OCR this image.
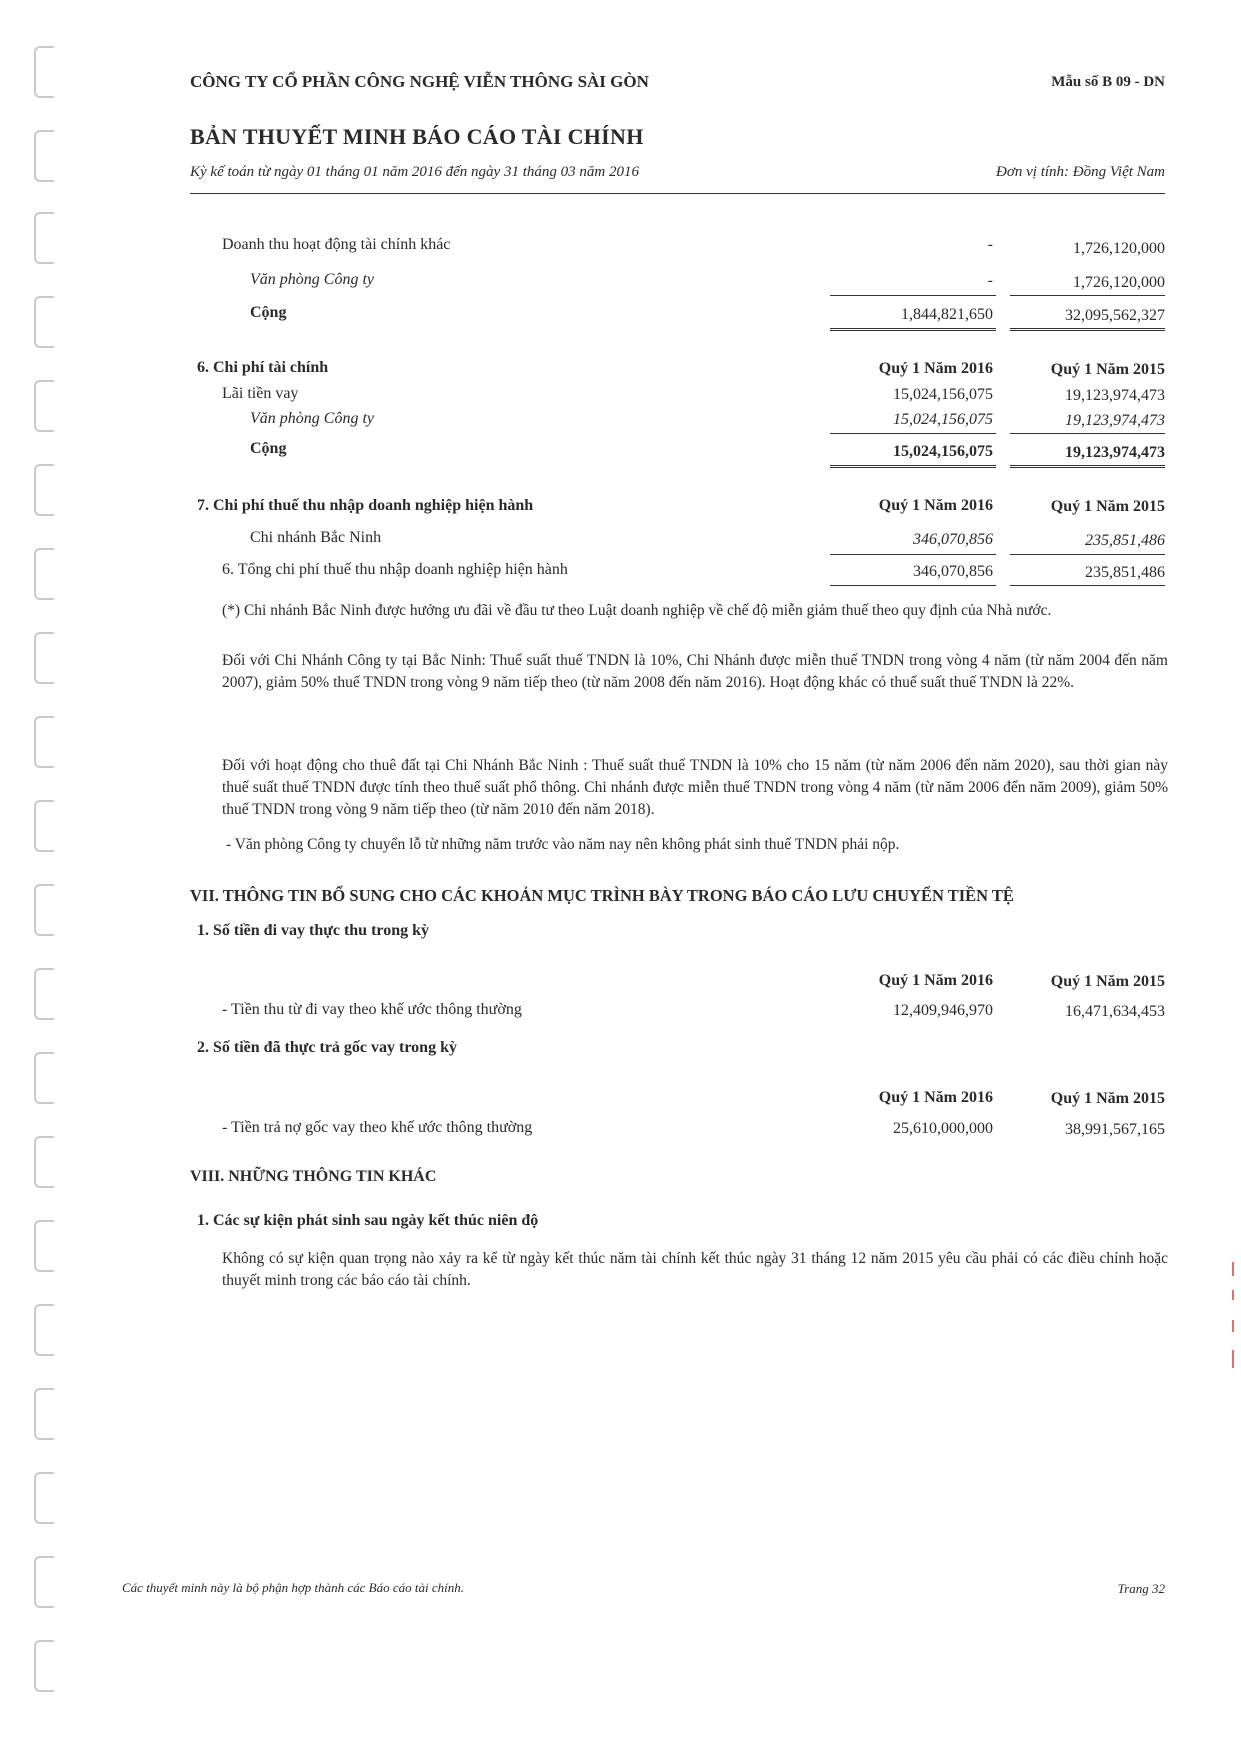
CÔNG TY CỔ PHẦN CÔNG NGHỆ VIỄN THÔNG SÀI GÒN	Mẫu số B 09 - DN
BẢN THUYẾT MINH BÁO CÁO TÀI CHÍNH
Kỳ kế toán từ ngày 01 tháng 01 năm 2016 đến ngày 31 tháng 03 năm 2016	Đơn vị tính: Đồng Việt Nam
Doanh thu hoạt động tài chính khác	-	1,726,120,000
Văn phòng Công ty	-	1,726,120,000
Cộng	1,844,821,650	32,095,562,327
6. Chi phí tài chính	Quý 1 Năm 2016	Quý 1 Năm 2015
Lãi tiền vay	15,024,156,075	19,123,974,473
Văn phòng Công ty	15,024,156,075	19,123,974,473
Cộng	15,024,156,075	19,123,974,473
7. Chi phí thuế thu nhập doanh nghiệp hiện hành	Quý 1 Năm 2016	Quý 1 Năm 2015
Chi nhánh Bắc Ninh	346,070,856	235,851,486
6. Tổng chi phí thuế thu nhập doanh nghiệp hiện hành	346,070,856	235,851,486
(*) Chi nhánh Bắc Ninh được hưởng ưu đãi về đầu tư theo Luật doanh nghiệp về chế độ miễn giảm thuế theo quy định của Nhà nước.
Đối với Chi Nhánh Công ty tại Bắc Ninh: Thuế suất thuế TNDN là 10%, Chi Nhánh được miễn thuế TNDN trong vòng 4 năm (từ năm 2004 đến năm 2007), giảm 50% thuế TNDN trong vòng 9 năm tiếp theo (từ năm 2008 đến năm 2016). Hoạt động khác có thuế suất thuế TNDN là 22%.
Đối với hoạt động cho thuê đất tại Chi Nhánh Bắc Ninh : Thuế suất thuế TNDN là 10% cho 15 năm (từ năm 2006 đến năm 2020), sau thời gian này thuế suất thuế TNDN được tính theo thuế suất phổ thông. Chi nhánh được miễn thuế TNDN trong vòng 4 năm (từ năm 2006 đến năm 2009), giảm 50% thuế TNDN trong vòng 9 năm tiếp theo (từ năm 2010 đến năm 2018).
- Văn phòng Công ty chuyển lỗ từ những năm trước vào năm nay nên không phát sinh thuế TNDN phải nộp.
VII. THÔNG TIN BỔ SUNG CHO CÁC KHOẢN MỤC TRÌNH BÀY TRONG BÁO CÁO LƯU CHUYỂN TIỀN TỆ
1. Số tiền đi vay thực thu trong kỳ
Quý 1 Năm 2016	Quý 1 Năm 2015
- Tiền thu từ đi vay theo khế ước thông thường	12,409,946,970	16,471,634,453
2. Số tiền đã thực trả gốc vay trong kỳ
Quý 1 Năm 2016	Quý 1 Năm 2015
- Tiền trả nợ gốc vay theo khế ước thông thường	25,610,000,000	38,991,567,165
VIII. NHỮNG THÔNG TIN KHÁC
1. Các sự kiện phát sinh sau ngày kết thúc niên độ
Không có sự kiện quan trọng nào xảy ra kể từ ngày kết thúc năm tài chính kết thúc ngày 31 tháng 12 năm 2015 yêu cầu phải có các điều chỉnh hoặc thuyết minh trong các báo cáo tài chính.
Các thuyết minh này là bộ phận hợp thành các Báo cáo tài chính.	Trang 32
